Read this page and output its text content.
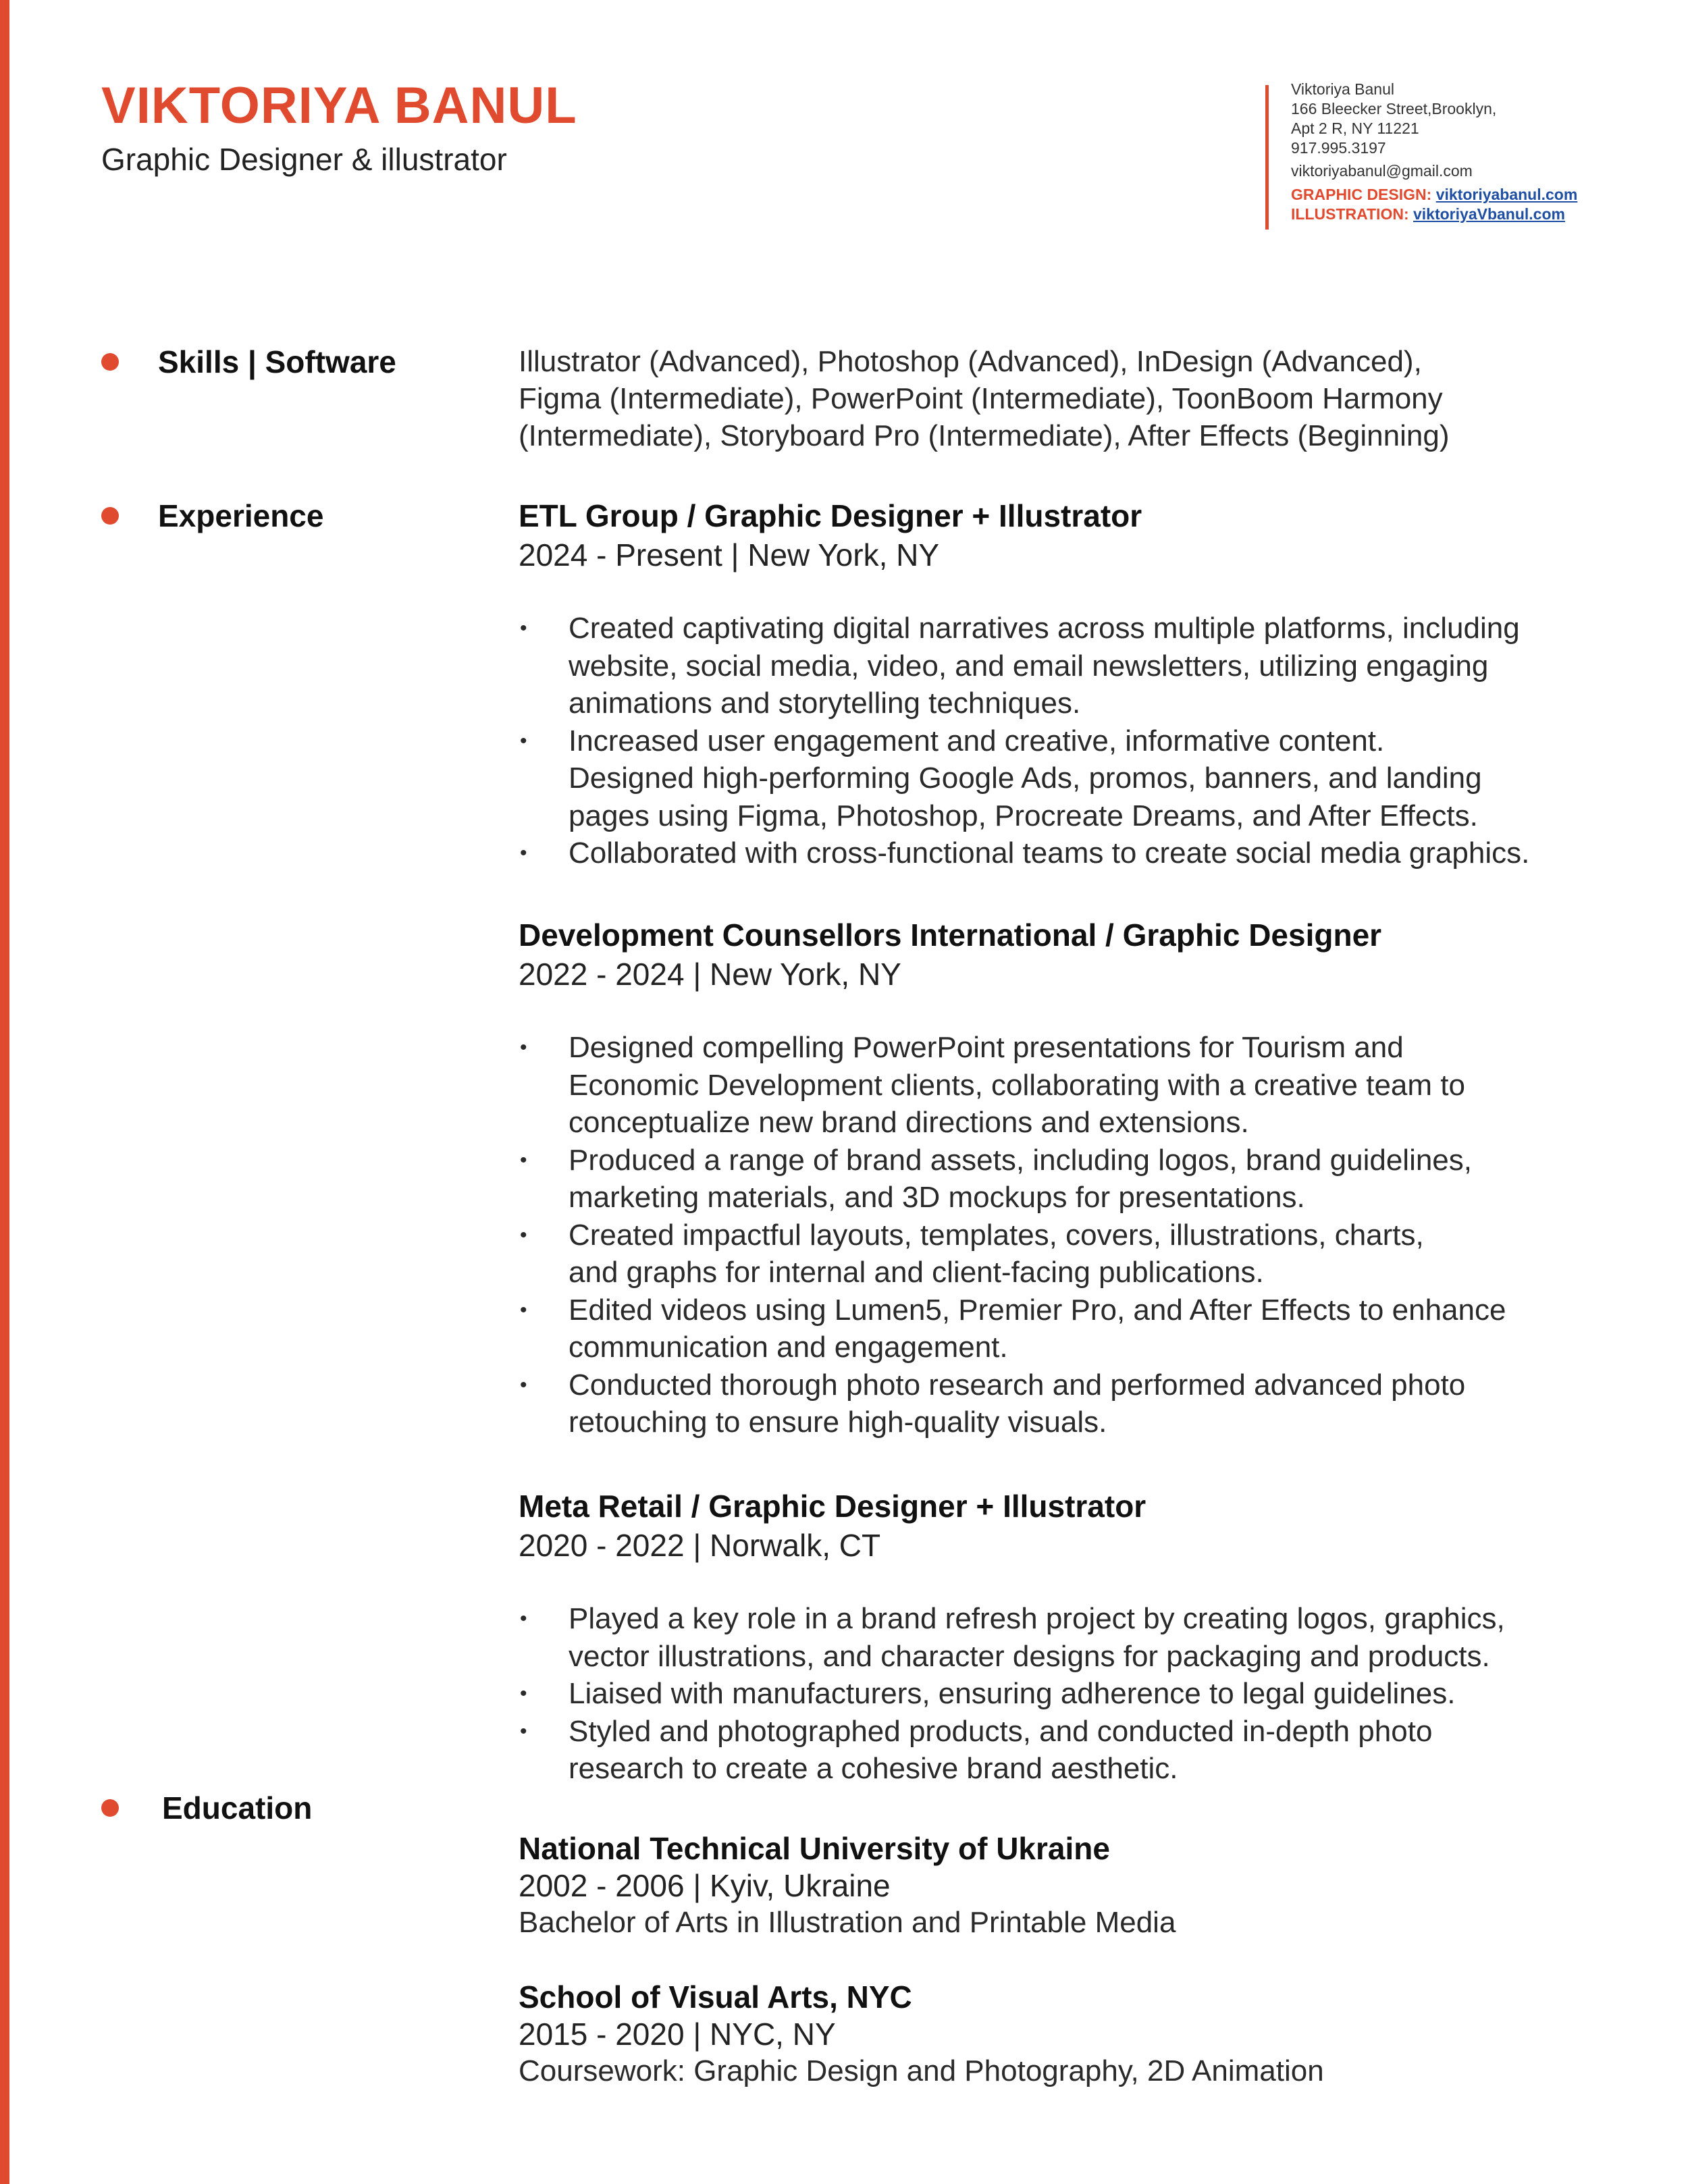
VIKTORIYA BANUL
Graphic Designer & illustrator
Viktoriya Banul
166 Bleecker Street,Brooklyn,
Apt 2 R, NY 11221
917.995.3197
viktoriyabanul@gmail.com
GRAPHIC DESIGN: viktoriyabanul.com
ILLUSTRATION: viktoriyaVbanul.com
Skills | Software	Illustrator (Advanced), Photoshop (Advanced), InDesign (Advanced),
Figma (Intermediate), PowerPoint (Intermediate), ToonBoom Harmony
(Intermediate), Storyboard Pro (Intermediate), After Effects (Beginning)
Experience	ETL Group / Graphic Designer + Illustrator
2024 - Present | New York, NY
• Created captivating digital narratives across multiple platforms, including
website, social media, video, and email newsletters, utilizing engaging
animations and storytelling techniques.
• Increased user engagement and creative, informative content.
Designed high-performing Google Ads, promos, banners, and landing
pages using Figma, Photoshop, Procreate Dreams, and After Effects.
• Collaborated with cross-functional teams to create social media graphics.
Development Counsellors International / Graphic Designer
2022 - 2024 | New York, NY
• Designed compelling PowerPoint presentations for Tourism and
Economic Development clients, collaborating with a creative team to
conceptualize new brand directions and extensions.
• Produced a range of brand assets, including logos, brand guidelines,
marketing materials, and 3D mockups for presentations.
• Created impactful layouts, templates, covers, illustrations, charts,
and graphs for internal and client-facing publications.
• Edited videos using Lumen5, Premier Pro, and After Effects to enhance
communication and engagement.
• Conducted thorough photo research and performed advanced photo
retouching to ensure high-quality visuals.
Meta Retail / Graphic Designer + Illustrator
2020 - 2022 | Norwalk, CT
• Played a key role in a brand refresh project by creating logos, graphics,
vector illustrations, and character designs for packaging and products.
• Liaised with manufacturers, ensuring adherence to legal guidelines.
• Styled and photographed products, and conducted in-depth photo
research to create a cohesive brand aesthetic.
Education
National Technical University of Ukraine
2002 - 2006 | Kyiv, Ukraine
Bachelor of Arts in Illustration and Printable Media
School of Visual Arts, NYC
2015 - 2020 | NYC, NY
Coursework: Graphic Design and Photography, 2D Animation
